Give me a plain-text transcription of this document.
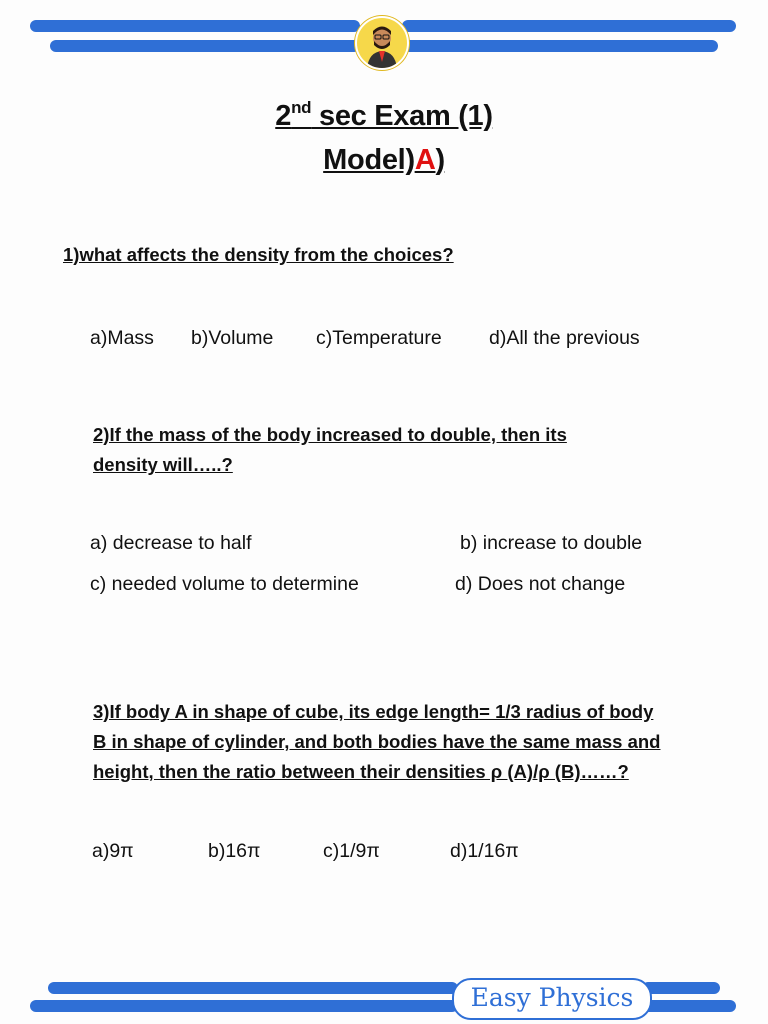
2nd sec Exam (1)
Model)A)
1)what affects the density from the choices?
a)Mass b)Volume c)Temperature d)All the previous
2)If the mass of the body increased to double, then its
density will…..?
a) decrease to half	b) increase to double
c) needed volume to determine	d) Does not change
3)If body A in shape of cube, its edge length= 1/3 radius of body
B in shape of cylinder, and both bodies have the same mass and
height, then the ratio between their densities ρ (A)/ρ (B)……?
a)9π	b)16π	c)1/9π	d)1/16π
Easy Physics
